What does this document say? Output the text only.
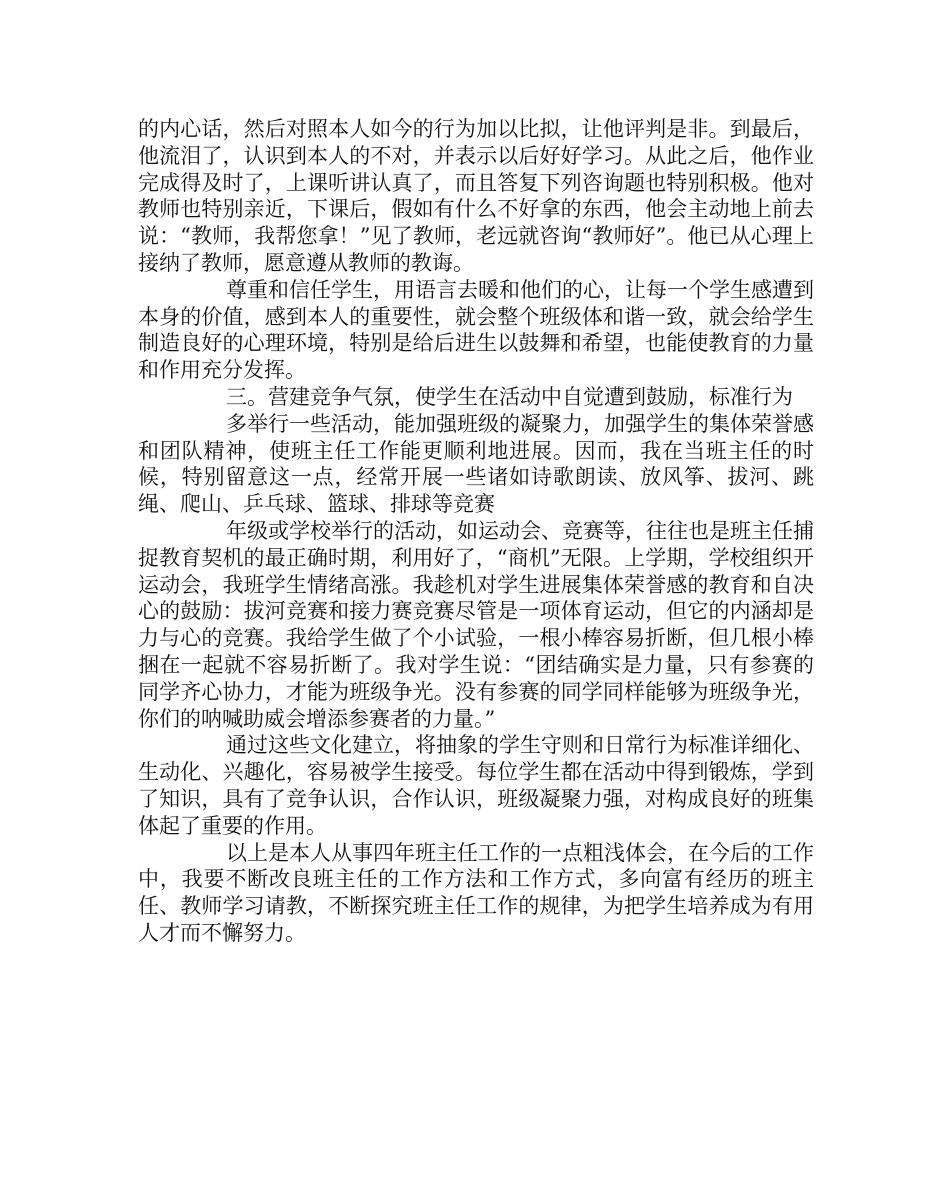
的内心话，然后对照本人如今的行为加以比拟，让他评判是非。到最后，他流泪了，认识到本人的不对，并表示以后好好学习。从此之后，他作业完成得及时了，上课听讲认真了，而且答复下列咨询题也特别积极。他对教师也特别亲近，下课后，假如有什么不好拿的东西，他会主动地上前去说：“教师，我帮您拿！”见了教师，老远就咨询“教师好”。他已从心理上接纳了教师，愿意遵从教师的教诲。

尊重和信任学生，用语言去暖和他们的心，让每一个学生感遭到本身的价值，感到本人的重要性，就会整个班级体和谐一致，就会给学生制造良好的心理环境，特别是给后进生以鼓舞和希望，也能使教育的力量和作用充分发挥。

三。营建竞争气氛，使学生在活动中自觉遭到鼓励，标准行为

多举行一些活动，能加强班级的凝聚力，加强学生的集体荣誉感和团队精神，使班主任工作能更顺利地进展。因而，我在当班主任的时候，特别留意这一点，经常开展一些诸如诗歌朗读、放风筝、拔河、跳绳、爬山、乒乓球、篮球、排球等竞赛

年级或学校举行的活动，如运动会、竞赛等，往往也是班主任捕捉教育契机的最正确时期，利用好了，“商机”无限。上学期，学校组织开运动会，我班学生情绪高涨。我趁机对学生进展集体荣誉感的教育和自决心的鼓励：拔河竞赛和接力赛竞赛尽管是一项体育运动，但它的内涵却是力与心的竞赛。我给学生做了个小试验，一根小棒容易折断，但几根小棒捆在一起就不容易折断了。我对学生说：“团结确实是力量，只有参赛的同学齐心协力，才能为班级争光。没有参赛的同学同样能够为班级争光，你们的呐喊助威会增添参赛者的力量。”

通过这些文化建立，将抽象的学生守则和日常行为标准详细化、生动化、兴趣化，容易被学生接受。每位学生都在活动中得到锻炼，学到了知识，具有了竞争认识，合作认识，班级凝聚力强，对构成良好的班集体起了重要的作用。

以上是本人从事四年班主任工作的一点粗浅体会，在今后的工作中，我要不断改良班主任的工作方法和工作方式，多向富有经历的班主任、教师学习请教，不断探究班主任工作的规律，为把学生培养成为有用人才而不懈努力。
